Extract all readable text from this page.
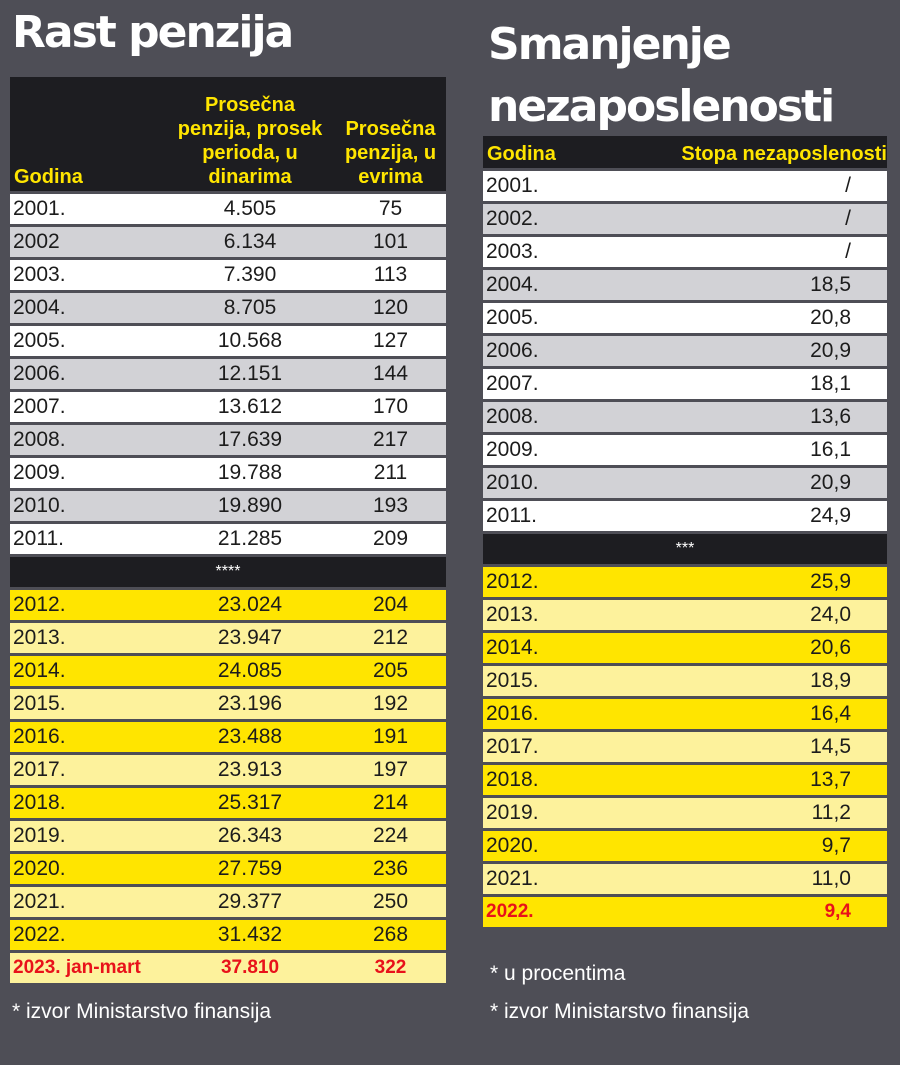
Rast penzija	Smanjenje nezaposlenosti
Godina	Prosečna penzija, prosek perioda, u dinarima	Prosečna penzija, u evrima
2001.	4.505	75
2002	6.134	101
2003.	7.390	113
2004.	8.705	120
2005.	10.568	127
2006.	12.151	144
2007.	13.612	170
2008.	17.639	217
2009.	19.788	211
2010.	19.890	193
2011.	21.285	209
****		
2012.	23.024	204
2013.	23.947	212
2014.	24.085	205
2015.	23.196	192
2016.	23.488	191
2017.	23.913	197
2018.	25.317	214
2019.	26.343	224
2020.	27.759	236
2021.	29.377	250
2022.	31.432	268
2023. jan-mart	37.810	322
Godina	Stopa nezaposlenosti
2001.	/
2002.	/
2003.	/
2004.	18,5
2005.	20,8
2006.	20,9
2007.	18,1
2008.	13,6
2009.	16,1
2010.	20,9
2011.	24,9
***	
2012.	25,9
2013.	24,0
2014.	20,6
2015.	18,9
2016.	16,4
2017.	14,5
2018.	13,7
2019.	11,2
2020.	9,7
2021.	11,0
2022.	9,4

* izvor Ministarstvo finansija

* u procentima

* izvor Ministarstvo finansija
